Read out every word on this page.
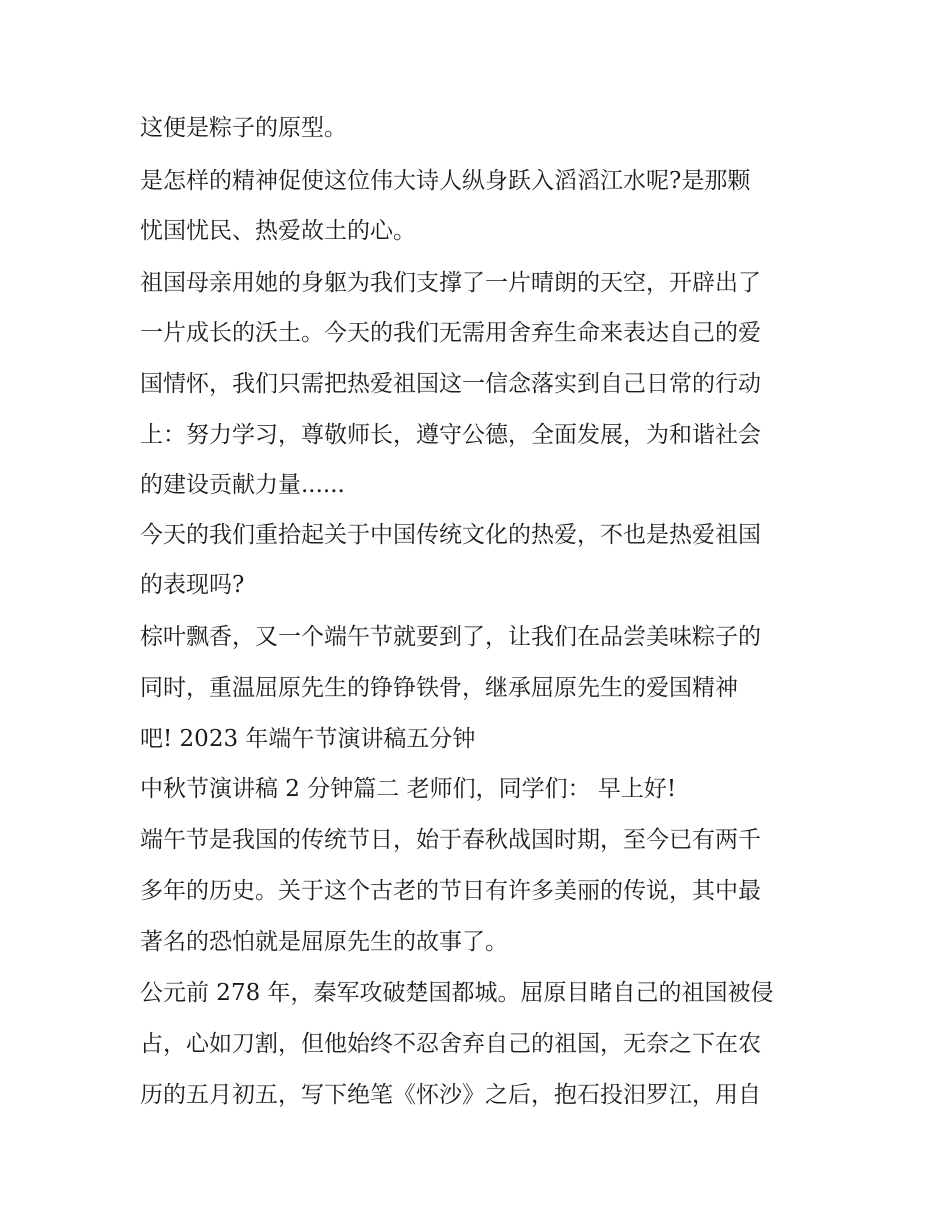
这便是粽子的原型。

是怎样的精神促使这位伟大诗人纵身跃入滔滔江水呢?是那颗

忧国忧民、热爱故土的心。

祖国母亲用她的身躯为我们支撑了一片晴朗的天空，开辟出了

一片成长的沃土。今天的我们无需用舍弃生命来表达自己的爱

国情怀，我们只需把热爱祖国这一信念落实到自己日常的行动

上：努力学习，尊敬师长，遵守公德，全面发展，为和谐社会

的建设贡献力量......

今天的我们重拾起关于中国传统文化的热爱，不也是热爱祖国

的表现吗?

棕叶飘香，又一个端午节就要到了，让我们在品尝美味粽子的

同时，重温屈原先生的铮铮铁骨，继承屈原先生的爱国精神

吧! 2023 年端午节演讲稿五分钟

中秋节演讲稿 2 分钟篇二 老师们，同学们： 早上好!

端午节是我国的传统节日，始于春秋战国时期，至今已有两千

多年的历史。关于这个古老的节日有许多美丽的传说，其中最

著名的恐怕就是屈原先生的故事了。

公元前 278 年，秦军攻破楚国都城。屈原目睹自己的祖国被侵

占，心如刀割，但他始终不忍舍弃自己的祖国，无奈之下在农

历的五月初五，写下绝笔《怀沙》之后，抱石投汨罗江，用自
